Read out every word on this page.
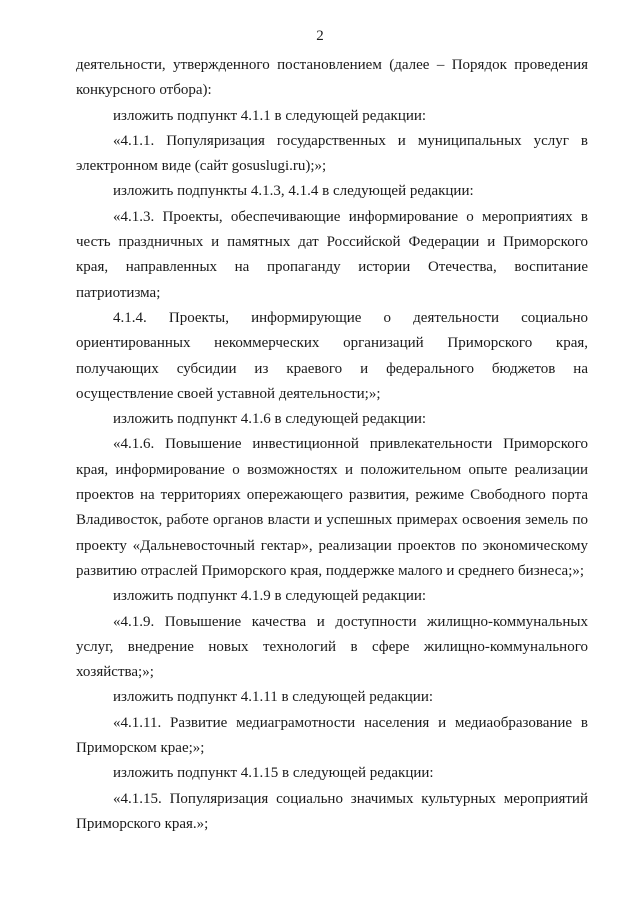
2

деятельности, утвержденного постановлением (далее – Порядок проведения конкурсного отбора):

изложить подпункт 4.1.1 в следующей редакции:

«4.1.1. Популяризация государственных и муниципальных услуг в электронном виде (сайт gosuslugi.ru);»;

изложить подпункты 4.1.3, 4.1.4 в следующей редакции:

«4.1.3. Проекты, обеспечивающие информирование о мероприятиях в честь праздничных и памятных дат Российской Федерации и Приморского края, направленных на пропаганду истории Отечества, воспитание патриотизма;

4.1.4. Проекты, информирующие о деятельности социально ориентированных некоммерческих организаций Приморского края, получающих субсидии из краевого и федерального бюджетов на осуществление своей уставной деятельности;»;

изложить подпункт 4.1.6 в следующей редакции:

«4.1.6. Повышение инвестиционной привлекательности Приморского края, информирование о возможностях и положительном опыте реализации проектов на территориях опережающего развития, режиме Свободного порта Владивосток, работе органов власти и успешных примерах освоения земель по проекту «Дальневосточный гектар», реализации проектов по экономическому развитию отраслей Приморского края, поддержке малого и среднего бизнеса;»;

изложить подпункт 4.1.9 в следующей редакции:

«4.1.9. Повышение качества и доступности жилищно-коммунальных услуг, внедрение новых технологий в сфере жилищно-коммунального хозяйства;»;

изложить подпункт 4.1.11 в следующей редакции:

«4.1.11. Развитие медиаграмотности населения и медиаобразование в Приморском крае;»;

изложить подпункт 4.1.15 в следующей редакции:

«4.1.15. Популяризация социально значимых культурных мероприятий Приморского края.»;
